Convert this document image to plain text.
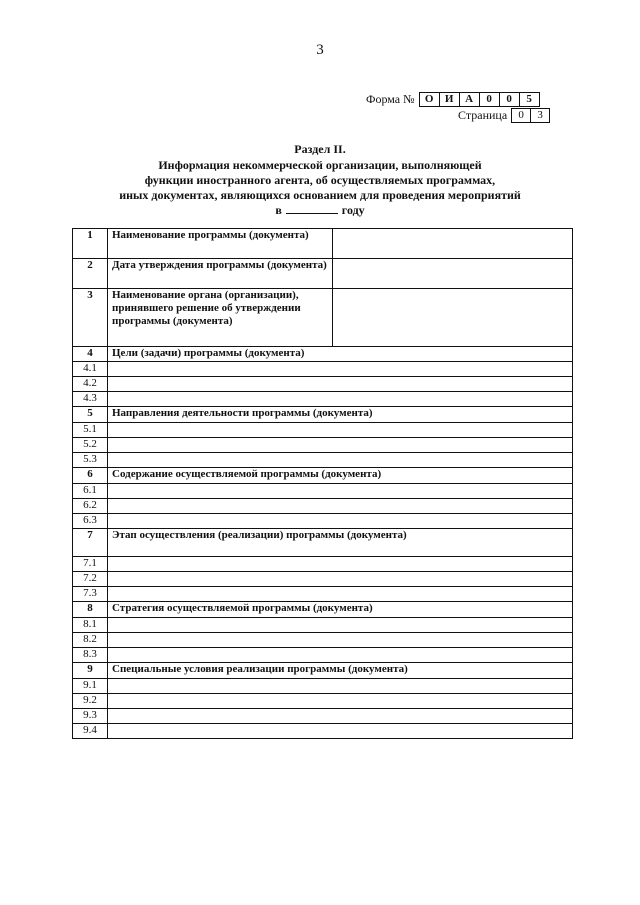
3
Форма № О	И	А	0	0	5
Страница	0	3
Раздел II.
Информация некоммерческой организации, выполняющей
функции иностранного агента, об осуществляемых программах,
иных документах, являющихся основанием для проведения мероприятий
в	году
1	Наименование программы (документа)	
2	Дата утверждения программы (документа)	
3	Наименование органа (организации), принявшего решение об утверждении программы (документа)	
4	Цели (задачи) программы (документа)	
4.1		
4.2		
4.3		
5	Направления деятельности программы (документа)	
5.1		
5.2		
5.3		
6	Содержание осуществляемой программы (документа)	
6.1		
6.2		
6.3		
7	Этап осуществления (реализации) программы (документа)	
7.1		
7.2		
7.3		
8	Стратегия осуществляемой программы (документа)	
8.1		
8.2		
8.3		
9	Специальные условия реализации программы (документа)	
9.1		
9.2		
9.3		
9.4		
